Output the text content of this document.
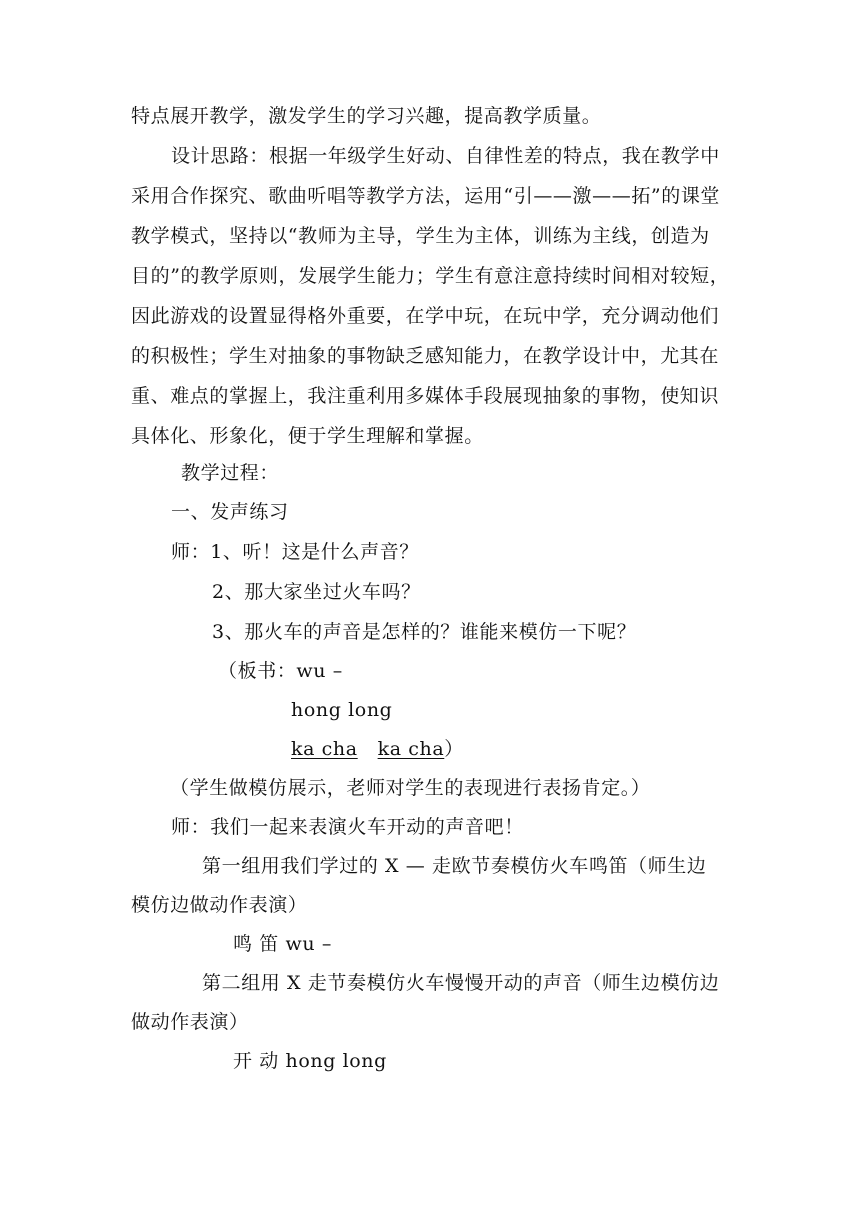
特点展开教学，激发学生的学习兴趣，提高教学质量。
设计思路：根据一年级学生好动、自律性差的特点，我在教学中
采用合作探究、歌曲听唱等教学方法，运用“引——激——拓”的课堂
教学模式，坚持以“教师为主导，学生为主体，训练为主线，创造为
目的”的教学原则，发展学生能力；学生有意注意持续时间相对较短，
因此游戏的设置显得格外重要，在学中玩，在玩中学，充分调动他们
的积极性；学生对抽象的事物缺乏感知能力，在教学设计中，尤其在
重、难点的掌握上，我注重利用多媒体手段展现抽象的事物，使知识
具体化、形象化，便于学生理解和掌握。
教学过程：
一、发声练习
师：1、听！这是什么声音？
2、那大家坐过火车吗？
3、那火车的声音是怎样的？谁能来模仿一下呢？
（板书：wu –
hong long
ka cha ka cha）
（学生做模仿展示，老师对学生的表现进行表扬肯定。）
师：我们一起来表演火车开动的声音吧！
第一组用我们学过的 X — 走欧节奏模仿火车鸣笛（师生边
模仿边做动作表演）
鸣 笛 wu –
第二组用 X 走节奏模仿火车慢慢开动的声音（师生边模仿边
做动作表演）
开 动 hong long
